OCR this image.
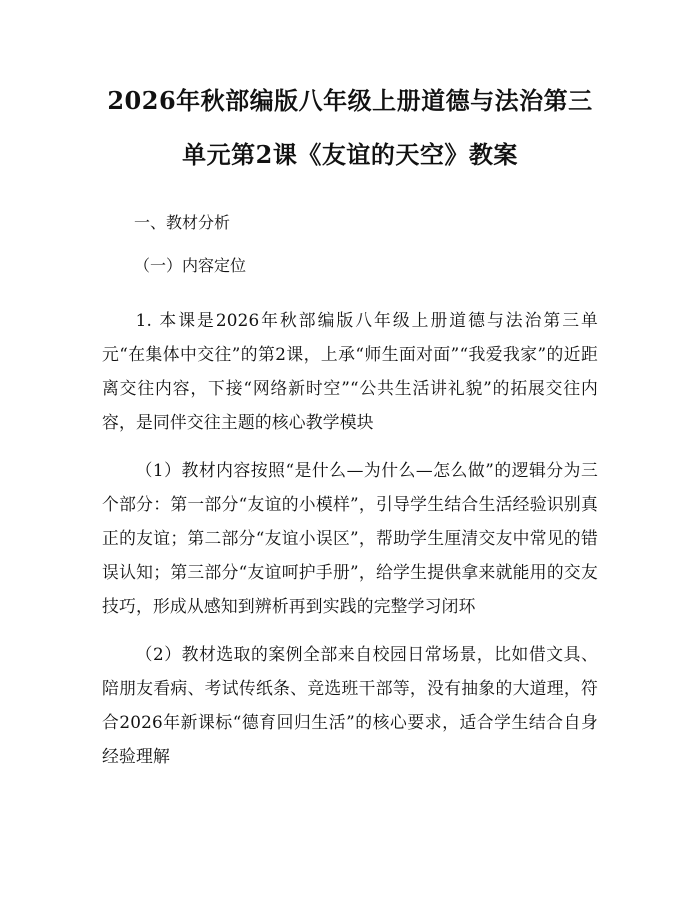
2026年秋部编版八年级上册道德与法治第三
单元第2课《友谊的天空》教案
一、教材分析
（一）内容定位

1. 本课是2026年秋部编版八年级上册道德与法治第三单元“在集体中交往”的第2课，上承“师生面对面”“我爱我家”的近距离交往内容，下接“网络新时空”“公共生活讲礼貌”的拓展交往内容，是同伴交往主题的核心教学模块

（1）教材内容按照“是什么—为什么—怎么做”的逻辑分为三个部分：第一部分“友谊的小模样”，引导学生结合生活经验识别真正的友谊；第二部分“友谊小误区”，帮助学生厘清交友中常见的错误认知；第三部分“友谊呵护手册”，给学生提供拿来就能用的交友技巧，形成从感知到辨析再到实践的完整学习闭环

（2）教材选取的案例全部来自校园日常场景，比如借文具、陪朋友看病、考试传纸条、竞选班干部等，没有抽象的大道理，符合2026年新课标“德育回归生活”的核心要求，适合学生结合自身经验理解
